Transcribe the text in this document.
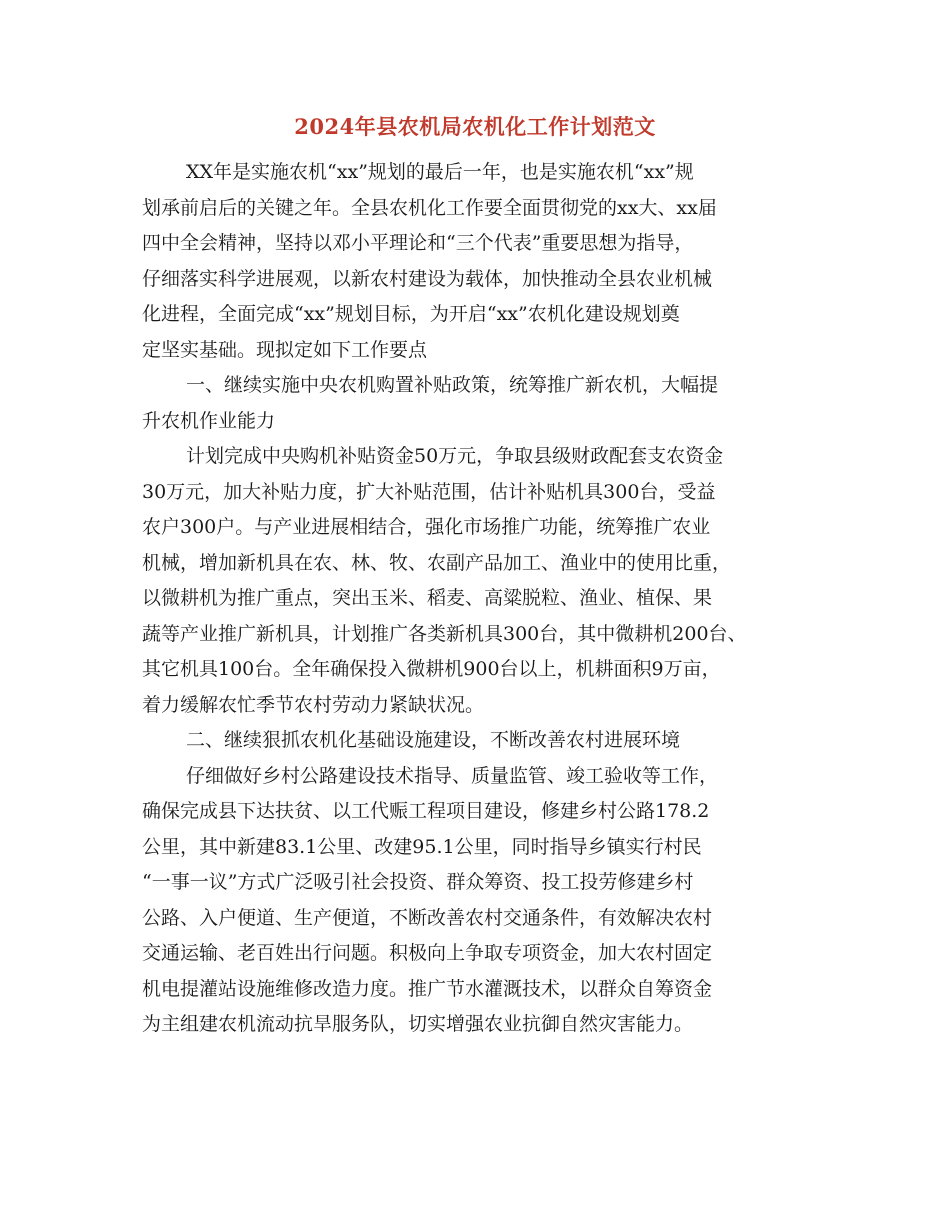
2024年县农机局农机化工作计划范文
XX年是实施农机“xx”规划的最后一年，也是实施农机“xx”规
划承前启后的关键之年。全县农机化工作要全面贯彻党的xx大、xx届
四中全会精神，坚持以邓小平理论和“三个代表”重要思想为指导，
仔细落实科学进展观，以新农村建设为载体，加快推动全县农业机械
化进程，全面完成“xx”规划目标，为开启“xx”农机化建设规划奠
定坚实基础。现拟定如下工作要点
一、继续实施中央农机购置补贴政策，统筹推广新农机，大幅提
升农机作业能力
计划完成中央购机补贴资金50万元，争取县级财政配套支农资金
30万元，加大补贴力度，扩大补贴范围，估计补贴机具300台，受益
农户300户。与产业进展相结合，强化市场推广功能，统筹推广农业
机械，增加新机具在农、林、牧、农副产品加工、渔业中的使用比重，
以微耕机为推广重点，突出玉米、稻麦、高粱脱粒、渔业、植保、果
蔬等产业推广新机具，计划推广各类新机具300台，其中微耕机200台、
其它机具100台。全年确保投入微耕机900台以上，机耕面积9万亩，
着力缓解农忙季节农村劳动力紧缺状况。
二、继续狠抓农机化基础设施建设，不断改善农村进展环境
仔细做好乡村公路建设技术指导、质量监管、竣工验收等工作，
确保完成县下达扶贫、以工代赈工程项目建设，修建乡村公路178.2
公里，其中新建83.1公里、改建95.1公里，同时指导乡镇实行村民
“一事一议”方式广泛吸引社会投资、群众筹资、投工投劳修建乡村
公路、入户便道、生产便道，不断改善农村交通条件，有效解决农村
交通运输、老百姓出行问题。积极向上争取专项资金，加大农村固定
机电提灌站设施维修改造力度。推广节水灌溉技术，以群众自筹资金
为主组建农机流动抗旱服务队，切实增强农业抗御自然灾害能力。
